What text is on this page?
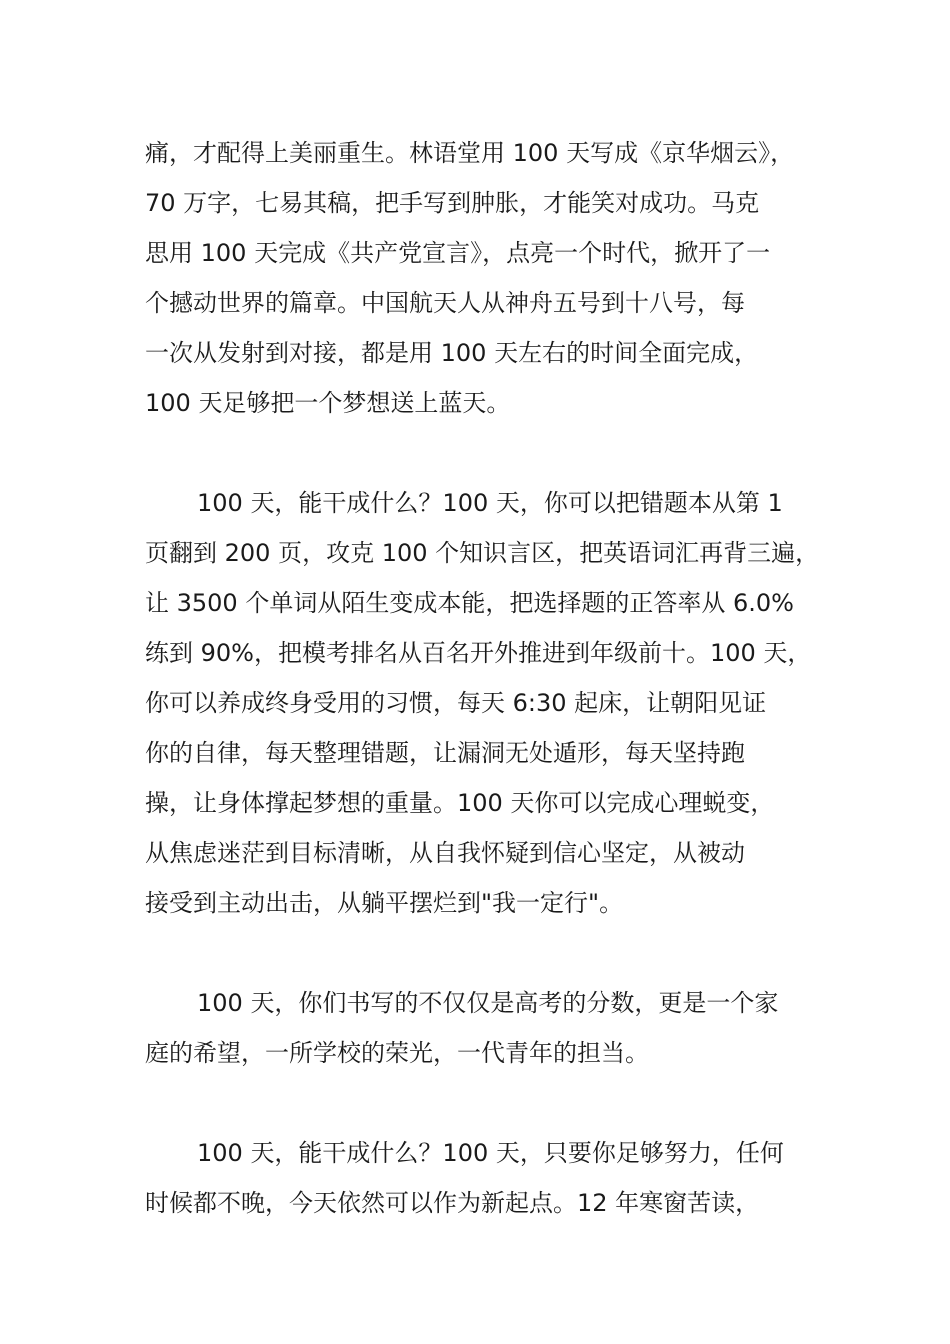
痛，才配得上美丽重生。林语堂用 100 天写成《京华烟云》，
70 万字，七易其稿，把手写到肿胀，才能笑对成功。马克
思用 100 天完成《共产党宣言》，点亮一个时代，掀开了一
个撼动世界的篇章。中国航天人从神舟五号到十八号，每
一次从发射到对接，都是用 100 天左右的时间全面完成，
100 天足够把一个梦想送上蓝天。
100 天，能干成什么？100 天，你可以把错题本从第 1
页翻到 200 页，攻克 100 个知识言区，把英语词汇再背三遍，
让 3500 个单词从陌生变成本能，把选择题的正答率从 6.0%
练到 90%，把模考排名从百名开外推进到年级前十。100 天，
你可以养成终身受用的习惯，每天 6:30 起床，让朝阳见证
你的自律，每天整理错题，让漏洞无处遁形，每天坚持跑
操，让身体撑起梦想的重量。100 天你可以完成心理蜕变，
从焦虑迷茫到目标清晰，从自我怀疑到信心坚定，从被动
接受到主动出击，从躺平摆烂到"我一定行"。
100 天，你们书写的不仅仅是高考的分数，更是一个家
庭的希望，一所学校的荣光，一代青年的担当。
100 天，能干成什么？100 天，只要你足够努力，任何
时候都不晚，今天依然可以作为新起点。12 年寒窗苦读，
